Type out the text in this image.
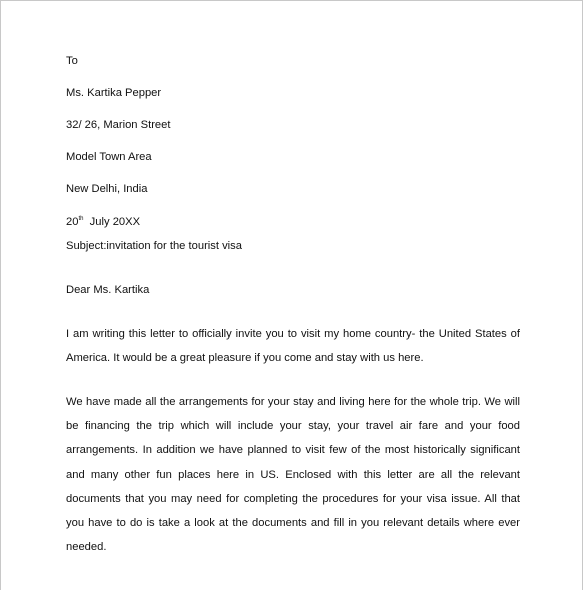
To
Ms. Kartika Pepper
32/ 26, Marion Street
Model Town Area
New Delhi, India
20th  July 20XX
Subject:invitation for the tourist visa
Dear Ms. Kartika
I am writing this letter to officially invite you to visit my home country- the United States of America. It would be a great pleasure if you come and stay with us here.
We have made all the arrangements for your stay and living here for the whole trip. We will be financing the trip which will include your stay, your travel air fare and your food arrangements. In addition we have planned to visit few of the most historically significant and many other fun places here in US. Enclosed with this letter are all the relevant documents that you may need for completing the procedures for your visa issue. All that you have to do is take a look at the documents and fill in you relevant details where ever needed.
